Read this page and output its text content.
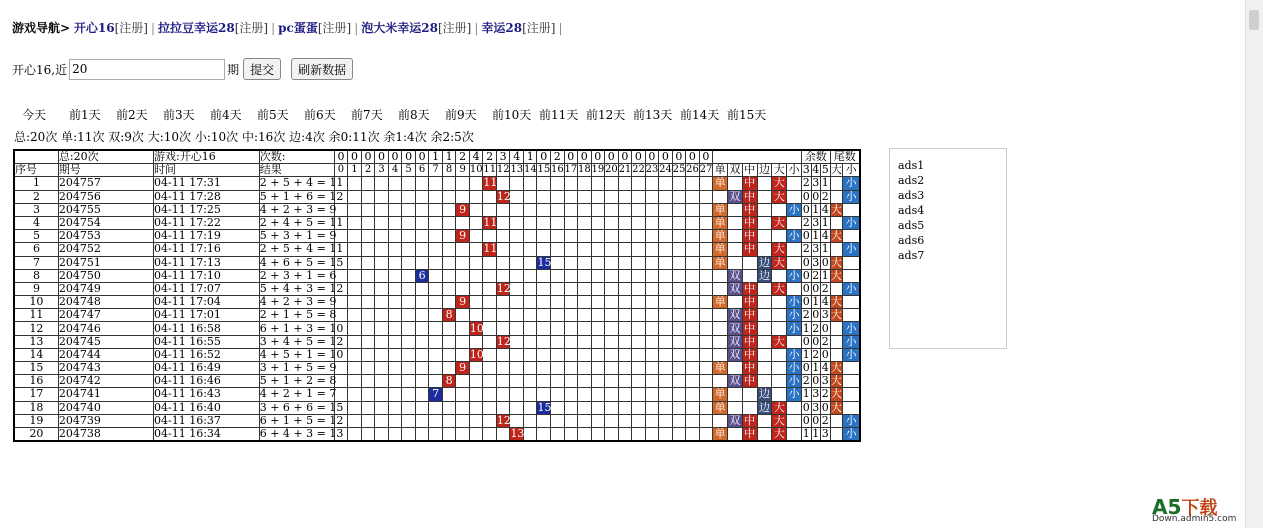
游戏导航> 开心16[注册] | 拉拉豆幸运28[注册] | pc蛋蛋[注册] | 泡大米幸运28[注册] | 幸运28[注册] |
开心16,近
20	期 提交	刷新数据
今天	前1天	前2天	前3天	前4天	前5天	前6天	前7天	前8天	前9天	前10天 前11天 前12天 前13天 前14天 前15天
总:20次 单:11次 双:9次 大:10次 小:10次 中:16次 边:4次 余0:11次 余1:4次 余2:5次
	总:20次	游戏:开心16	次数:	0	0	0	0	0	0	0	1	1	2	4	2	3	4	1	0	2	0	0	0	0	0	0	0	0	0	0	0							余数			尾数	
序号	期号	时间	结果	0	1	2	3	4	5	6	7	8	9	10	11	12	13	14	15	16	17	18	19	20	21	22	23	24	25	26	27	单	双	中	边	大	小	3	4	5	大	小
1	204757	04-11 17:31	2 + 5 + 4 = 11												11																	单		中		大		2	3	1		小
2	204756	04-11 17:28	5 + 1 + 6 = 12													12																	双	中		大		0	0	2		小
3	204755	04-11 17:25	4 + 2 + 3 = 9										9																			单		中			小	0	1	4	大	
4	204754	04-11 17:22	2 + 4 + 5 = 11												11																	单		中		大		2	3	1		小
5	204753	04-11 17:19	5 + 3 + 1 = 9										9																			单		中			小	0	1	4	大	
6	204752	04-11 17:16	2 + 5 + 4 = 11												11																	单		中		大		2	3	1		小
7	204751	04-11 17:13	4 + 6 + 5 = 15																15													单			边	大		0	3	0	大	
8	204750	04-11 17:10	2 + 3 + 1 = 6							6																							双		边		小	0	2	1	大	
9	204749	04-11 17:07	5 + 4 + 3 = 12													12																	双	中		大		0	0	2		小
10	204748	04-11 17:04	4 + 2 + 3 = 9										9																			单		中			小	0	1	4	大	
11	204747	04-11 17:01	2 + 1 + 5 = 8									8																					双	中			小	2	0	3	大	
12	204746	04-11 16:58	6 + 1 + 3 = 10											10																			双	中			小	1	2	0		小
13	204745	04-11 16:55	3 + 4 + 5 = 12													12																	双	中		大		0	0	2		小
14	204744	04-11 16:52	4 + 5 + 1 = 10											10																			双	中			小	1	2	0		小
15	204743	04-11 16:49	3 + 1 + 5 = 9										9																			单		中			小	0	1	4	大	
16	204742	04-11 16:46	5 + 1 + 2 = 8									8																					双	中			小	2	0	3	大	
17	204741	04-11 16:43	4 + 2 + 1 = 7								7																					单			边		小	1	3	2	大	
18	204740	04-11 16:40	3 + 6 + 6 = 15																15													单			边	大		0	3	0	大	
19	204739	04-11 16:37	6 + 1 + 5 = 12													12																	双	中		大		0	0	2		小
20	204738	04-11 16:34	6 + 4 + 3 = 13														13															单		中		大		1	1	3		小
ads1
ads2
ads3
ads4
ads5
ads6
ads7
A5下载
Down.admin5.com
